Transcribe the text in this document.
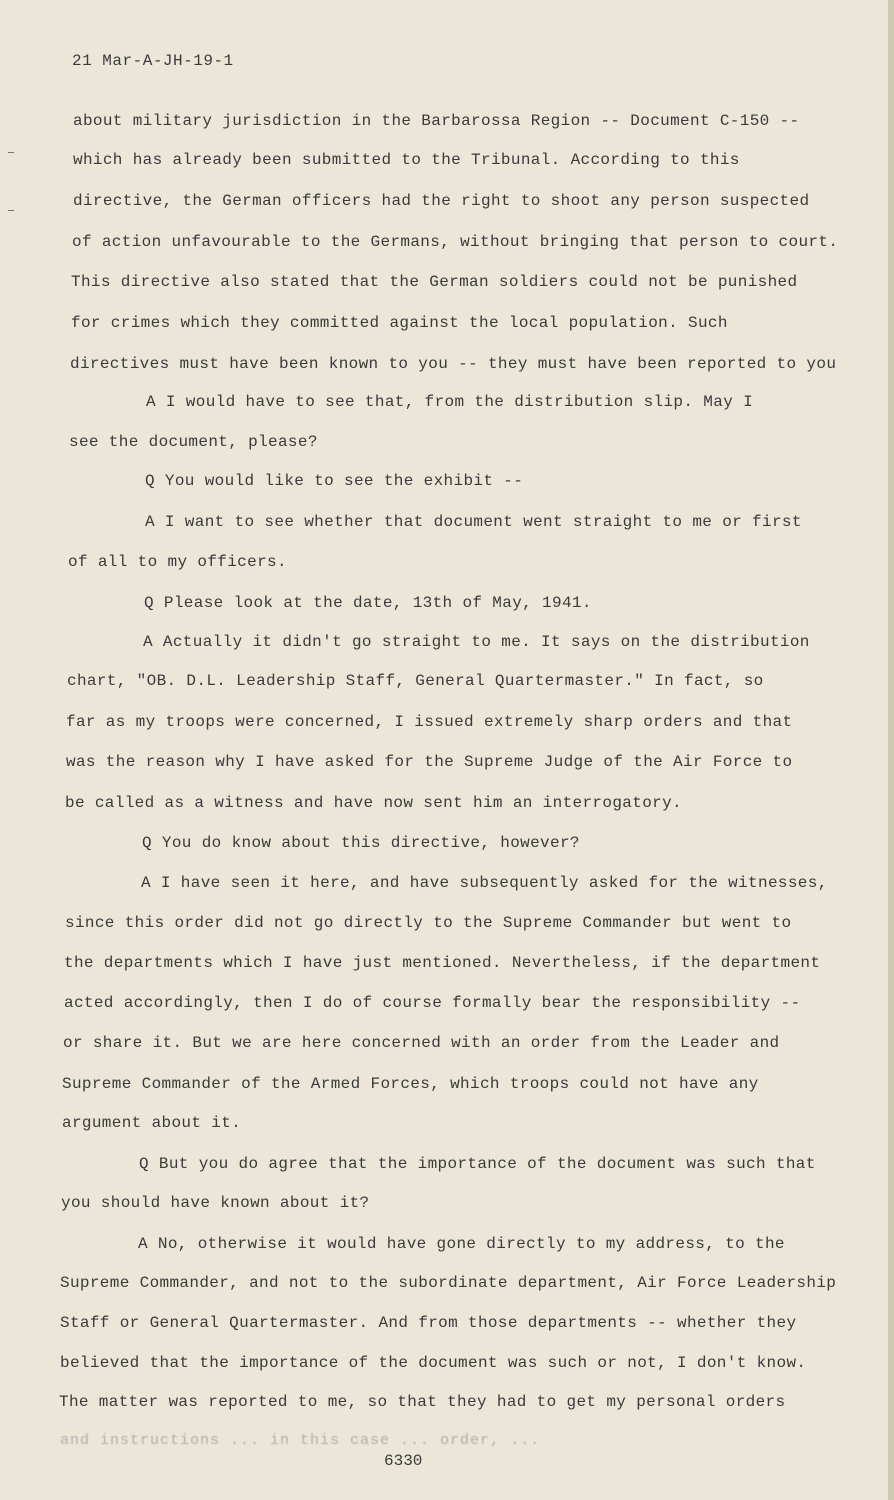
21 Mar-A-JH-19-1
about military jurisdiction in the Barbarossa Region -- Document C-150 --
which has already been submitted to the Tribunal. According to this
directive, the German officers had the right to shoot any person suspected
of action unfavourable to the Germans, without bringing that person to court.
This directive also stated that the German soldiers could not be punished
for crimes which they committed against the local population. Such
directives must have been known to you -- they must have been reported to you
A I would have to see that, from the distribution slip. May I
see the document, please?
Q You would like to see the exhibit --
A I want to see whether that document went straight to me or first
of all to my officers.
Q Please look at the date, 13th of May, 1941.
A Actually it didn't go straight to me. It says on the distribution
chart, "OB. D.L. Leadership Staff, General Quartermaster." In fact, so
far as my troops were concerned, I issued extremely sharp orders and that
was the reason why I have asked for the Supreme Judge of the Air Force to
be called as a witness and have now sent him an interrogatory.
Q You do know about this directive, however?
A I have seen it here, and have subsequently asked for the witnesses,
since this order did not go directly to the Supreme Commander but went to
the departments which I have just mentioned. Nevertheless, if the department
acted accordingly, then I do of course formally bear the responsibility --
or share it. But we are here concerned with an order from the Leader and
Supreme Commander of the Armed Forces, which troops could not have any
argument about it.
Q But you do agree that the importance of the document was such that
you should have known about it?
A No, otherwise it would have gone directly to my address, to the
Supreme Commander, and not to the subordinate department, Air Force Leadership
Staff or General Quartermaster. And from those departments -- whether they
believed that the importance of the document was such or not, I don't know.
The matter was reported to me, so that they had to get my personal orders
and instructions ... in this case ... order, ...
6330
